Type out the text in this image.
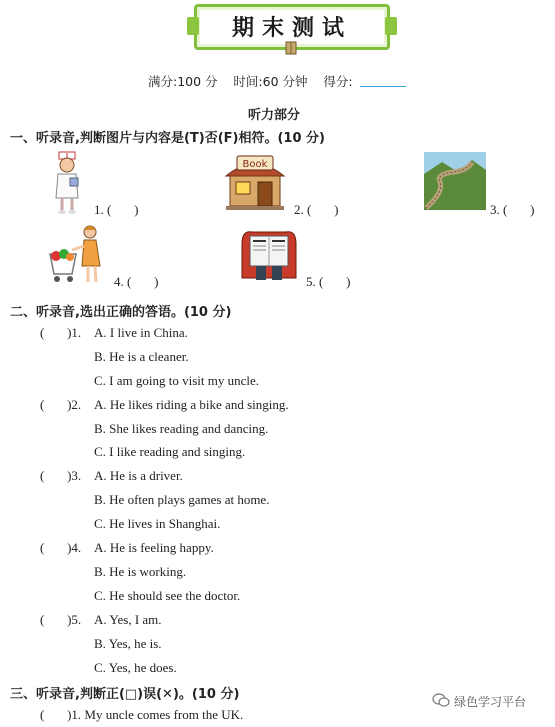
期末测试
满分:100 分    时间:60 分钟    得分:
听力部分
一、听录音,判断图片与内容是(T)否(F)相符。(10 分)
1. (       )
Book
2. (       )	3. (       )
4. (       )	5. (       )
二、听录音,选出正确的答语。(10 分)
(       )1. A. I live in China.
B. He is a cleaner.
C. I am going to visit my uncle.
(       )2. A. He likes riding a bike and singing.
B. She likes reading and dancing.
C. I like reading and singing.
(       )3. A. He is a driver.
B. He often plays games at home.
C. He lives in Shanghai.
(       )4. A. He is feeling happy.
B. He is working.
C. He should see the doctor.
(       )5. A. Yes, I am.
B. Yes, he is.
C. Yes, he does.
三、听录音,判断正(□)误(✕)。(10 分)
(       )1. My uncle comes from the UK.
绿色学习平台
